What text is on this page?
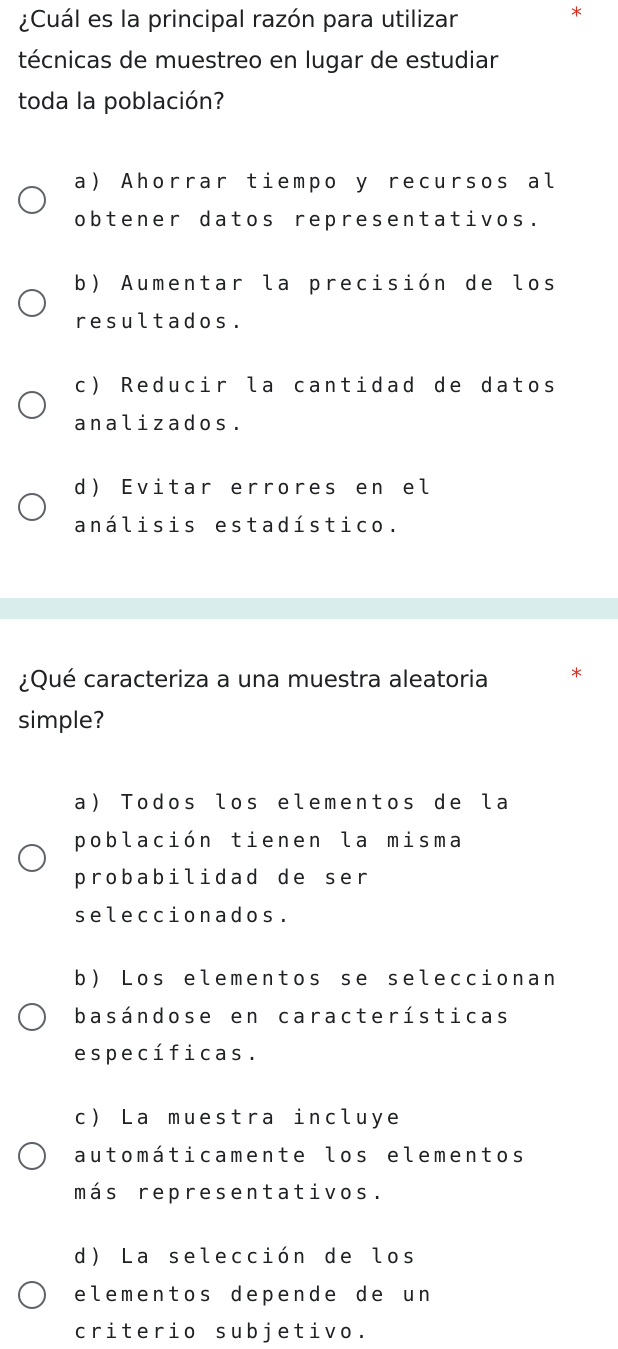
¿Cuál es la principal razón para utilizar técnicas de muestreo en lugar de estudiar toda la población?
*
a) Ahorrar tiempo y recursos al obtener datos representativos.
b) Aumentar la precisión de los resultados.
c) Reducir la cantidad de datos analizados.
d) Evitar errores en el análisis estadístico.
¿Qué caracteriza a una muestra aleatoria simple?
*
a) Todos los elementos de la población tienen la misma probabilidad de ser seleccionados.
b) Los elementos se seleccionan basándose en características específicas.
c) La muestra incluye automáticamente los elementos más representativos.
d) La selección de los elementos depende de un criterio subjetivo.
